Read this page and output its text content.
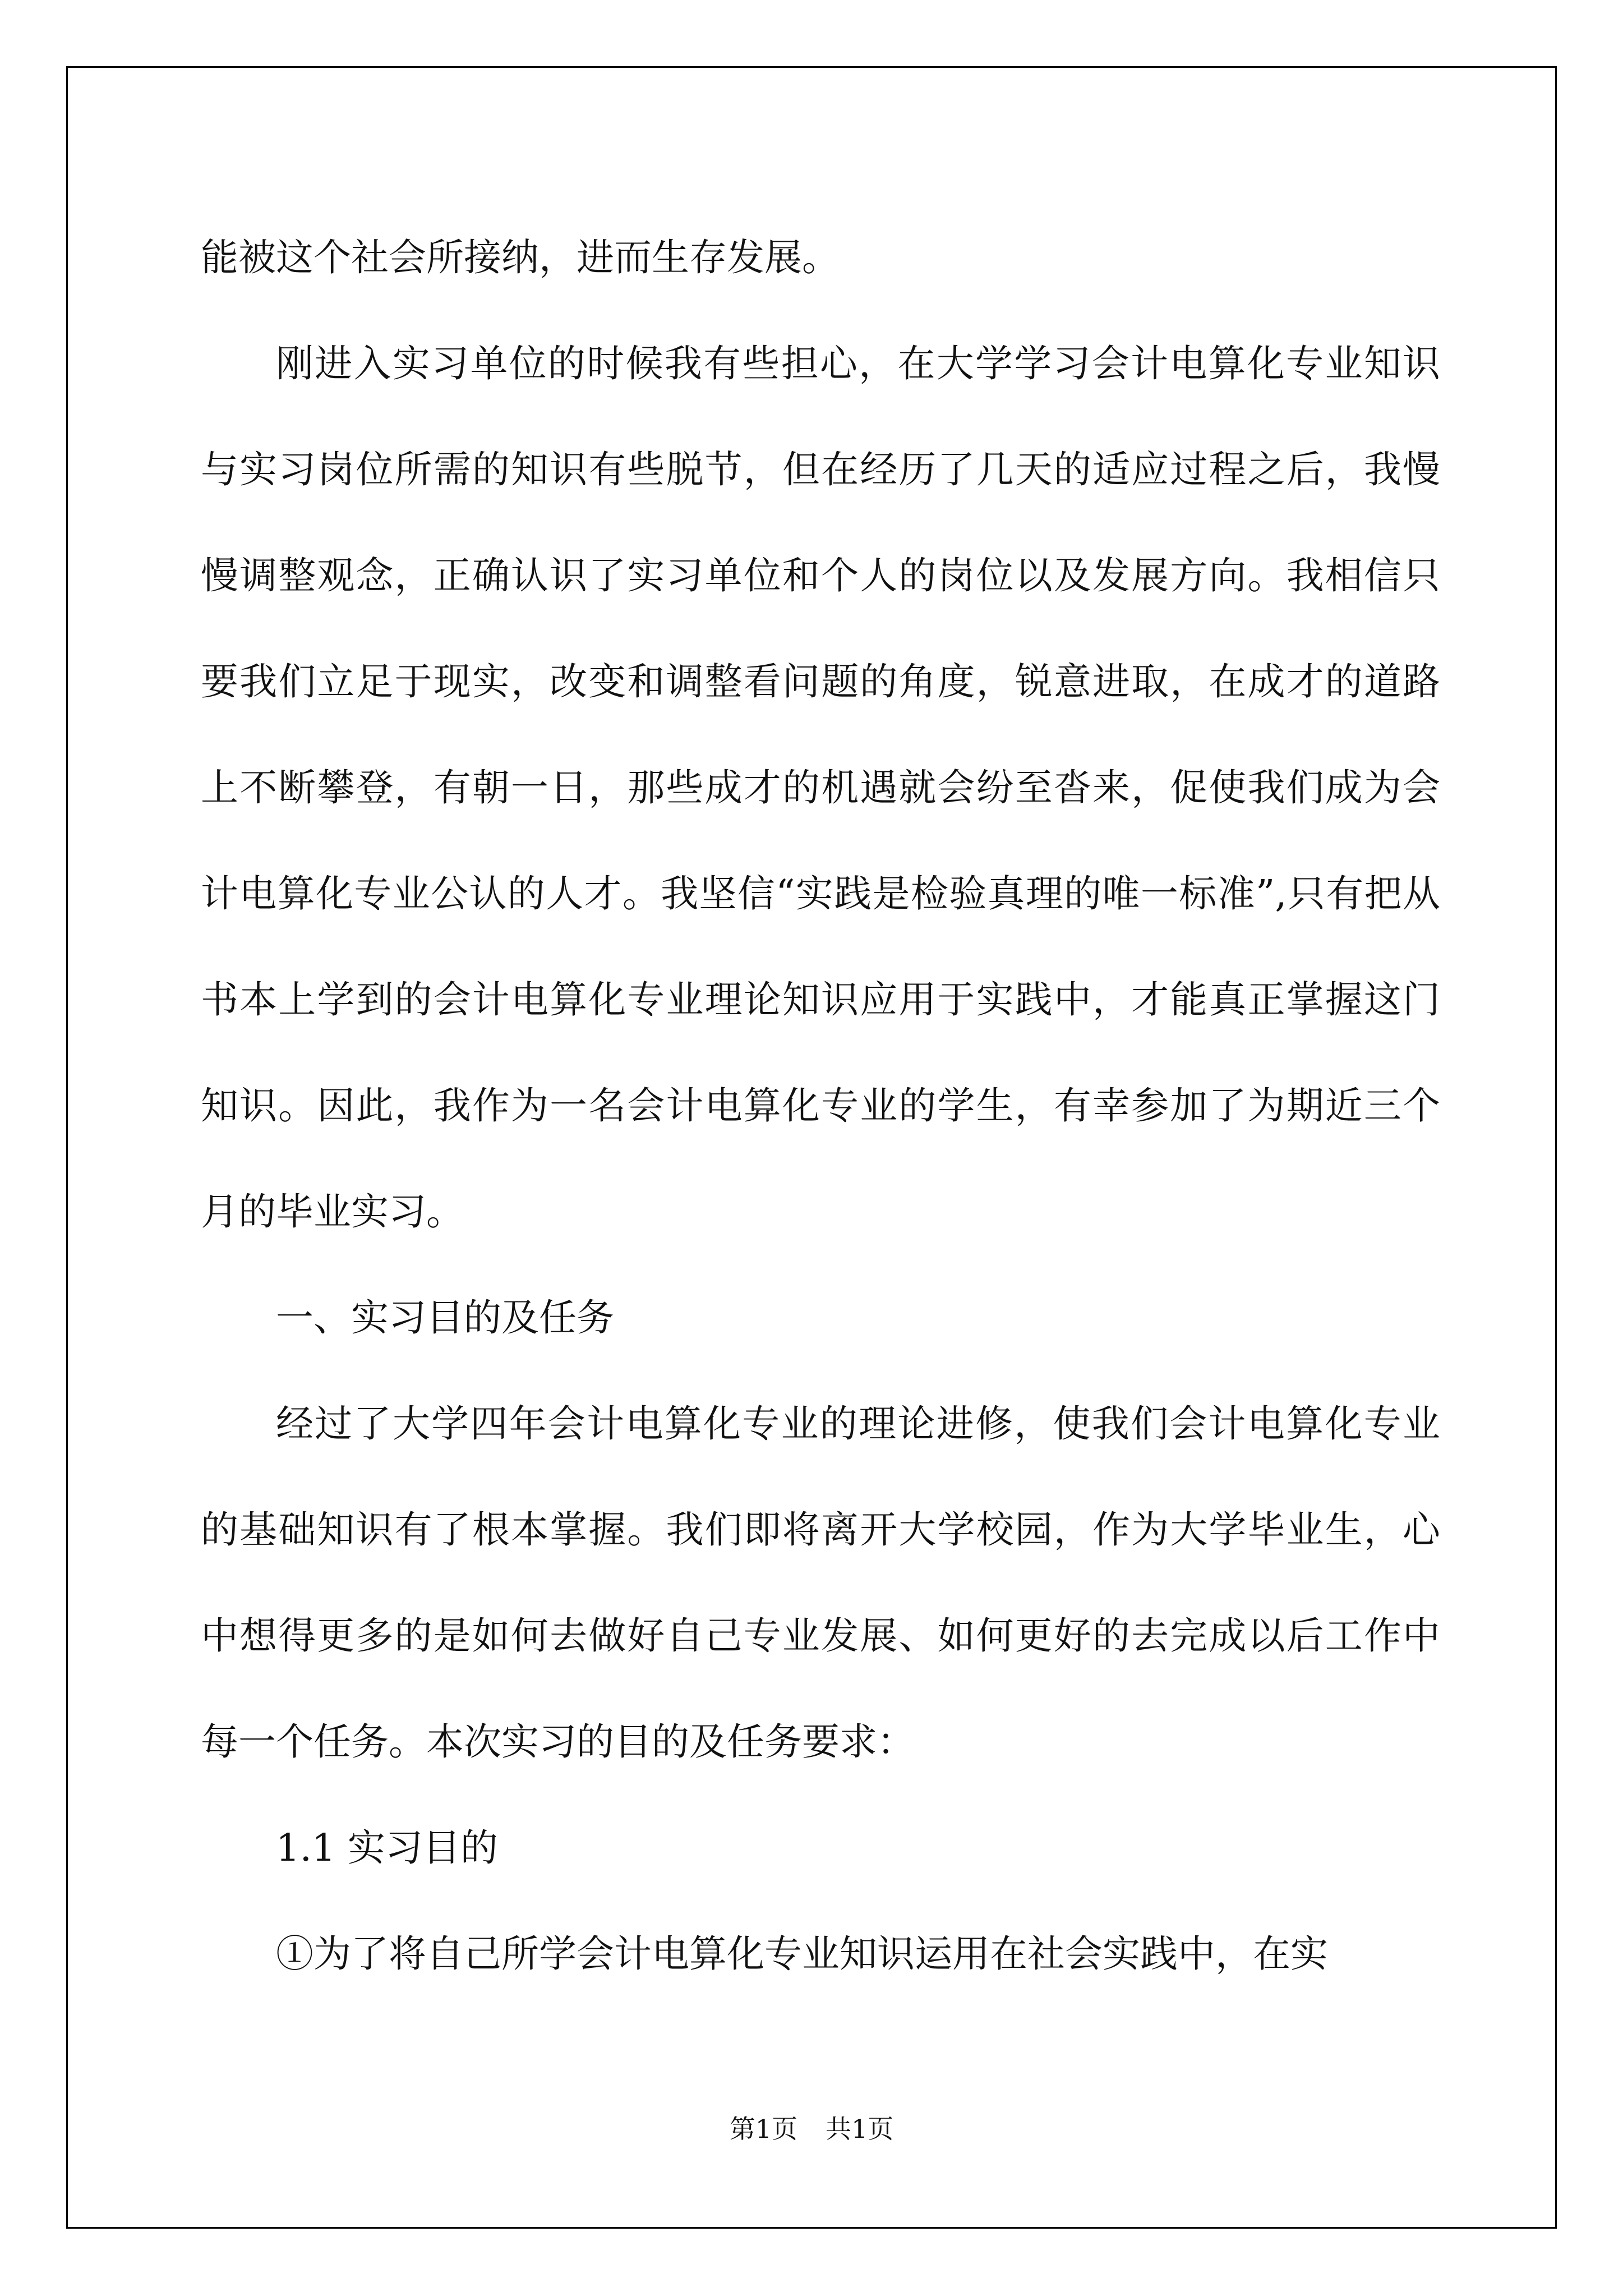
能被这个社会所接纳，进而生存发展。

刚进入实习单位的时候我有些担心，在大学学习会计电算化专业知识与实习岗位所需的知识有些脱节，但在经历了几天的适应过程之后，我慢慢调整观念，正确认识了实习单位和个人的岗位以及发展方向。我相信只要我们立足于现实，改变和调整看问题的角度，锐意进取，在成才的道路上不断攀登，有朝一日，那些成才的机遇就会纷至沓来，促使我们成为会计电算化专业公认的人才。我坚信“实践是检验真理的唯一标准”,只有把从书本上学到的会计电算化专业理论知识应用于实践中，才能真正掌握这门知识。因此，我作为一名会计电算化专业的学生，有幸参加了为期近三个月的毕业实习。

一、实习目的及任务

经过了大学四年会计电算化专业的理论进修，使我们会计电算化专业的基础知识有了根本掌握。我们即将离开大学校园，作为大学毕业生，心中想得更多的是如何去做好自己专业发展、如何更好的去完成以后工作中每一个任务。本次实习的目的及任务要求：

1.1 实习目的

①为了将自己所学会计电算化专业知识运用在社会实践中，在实

第1页 共1页
